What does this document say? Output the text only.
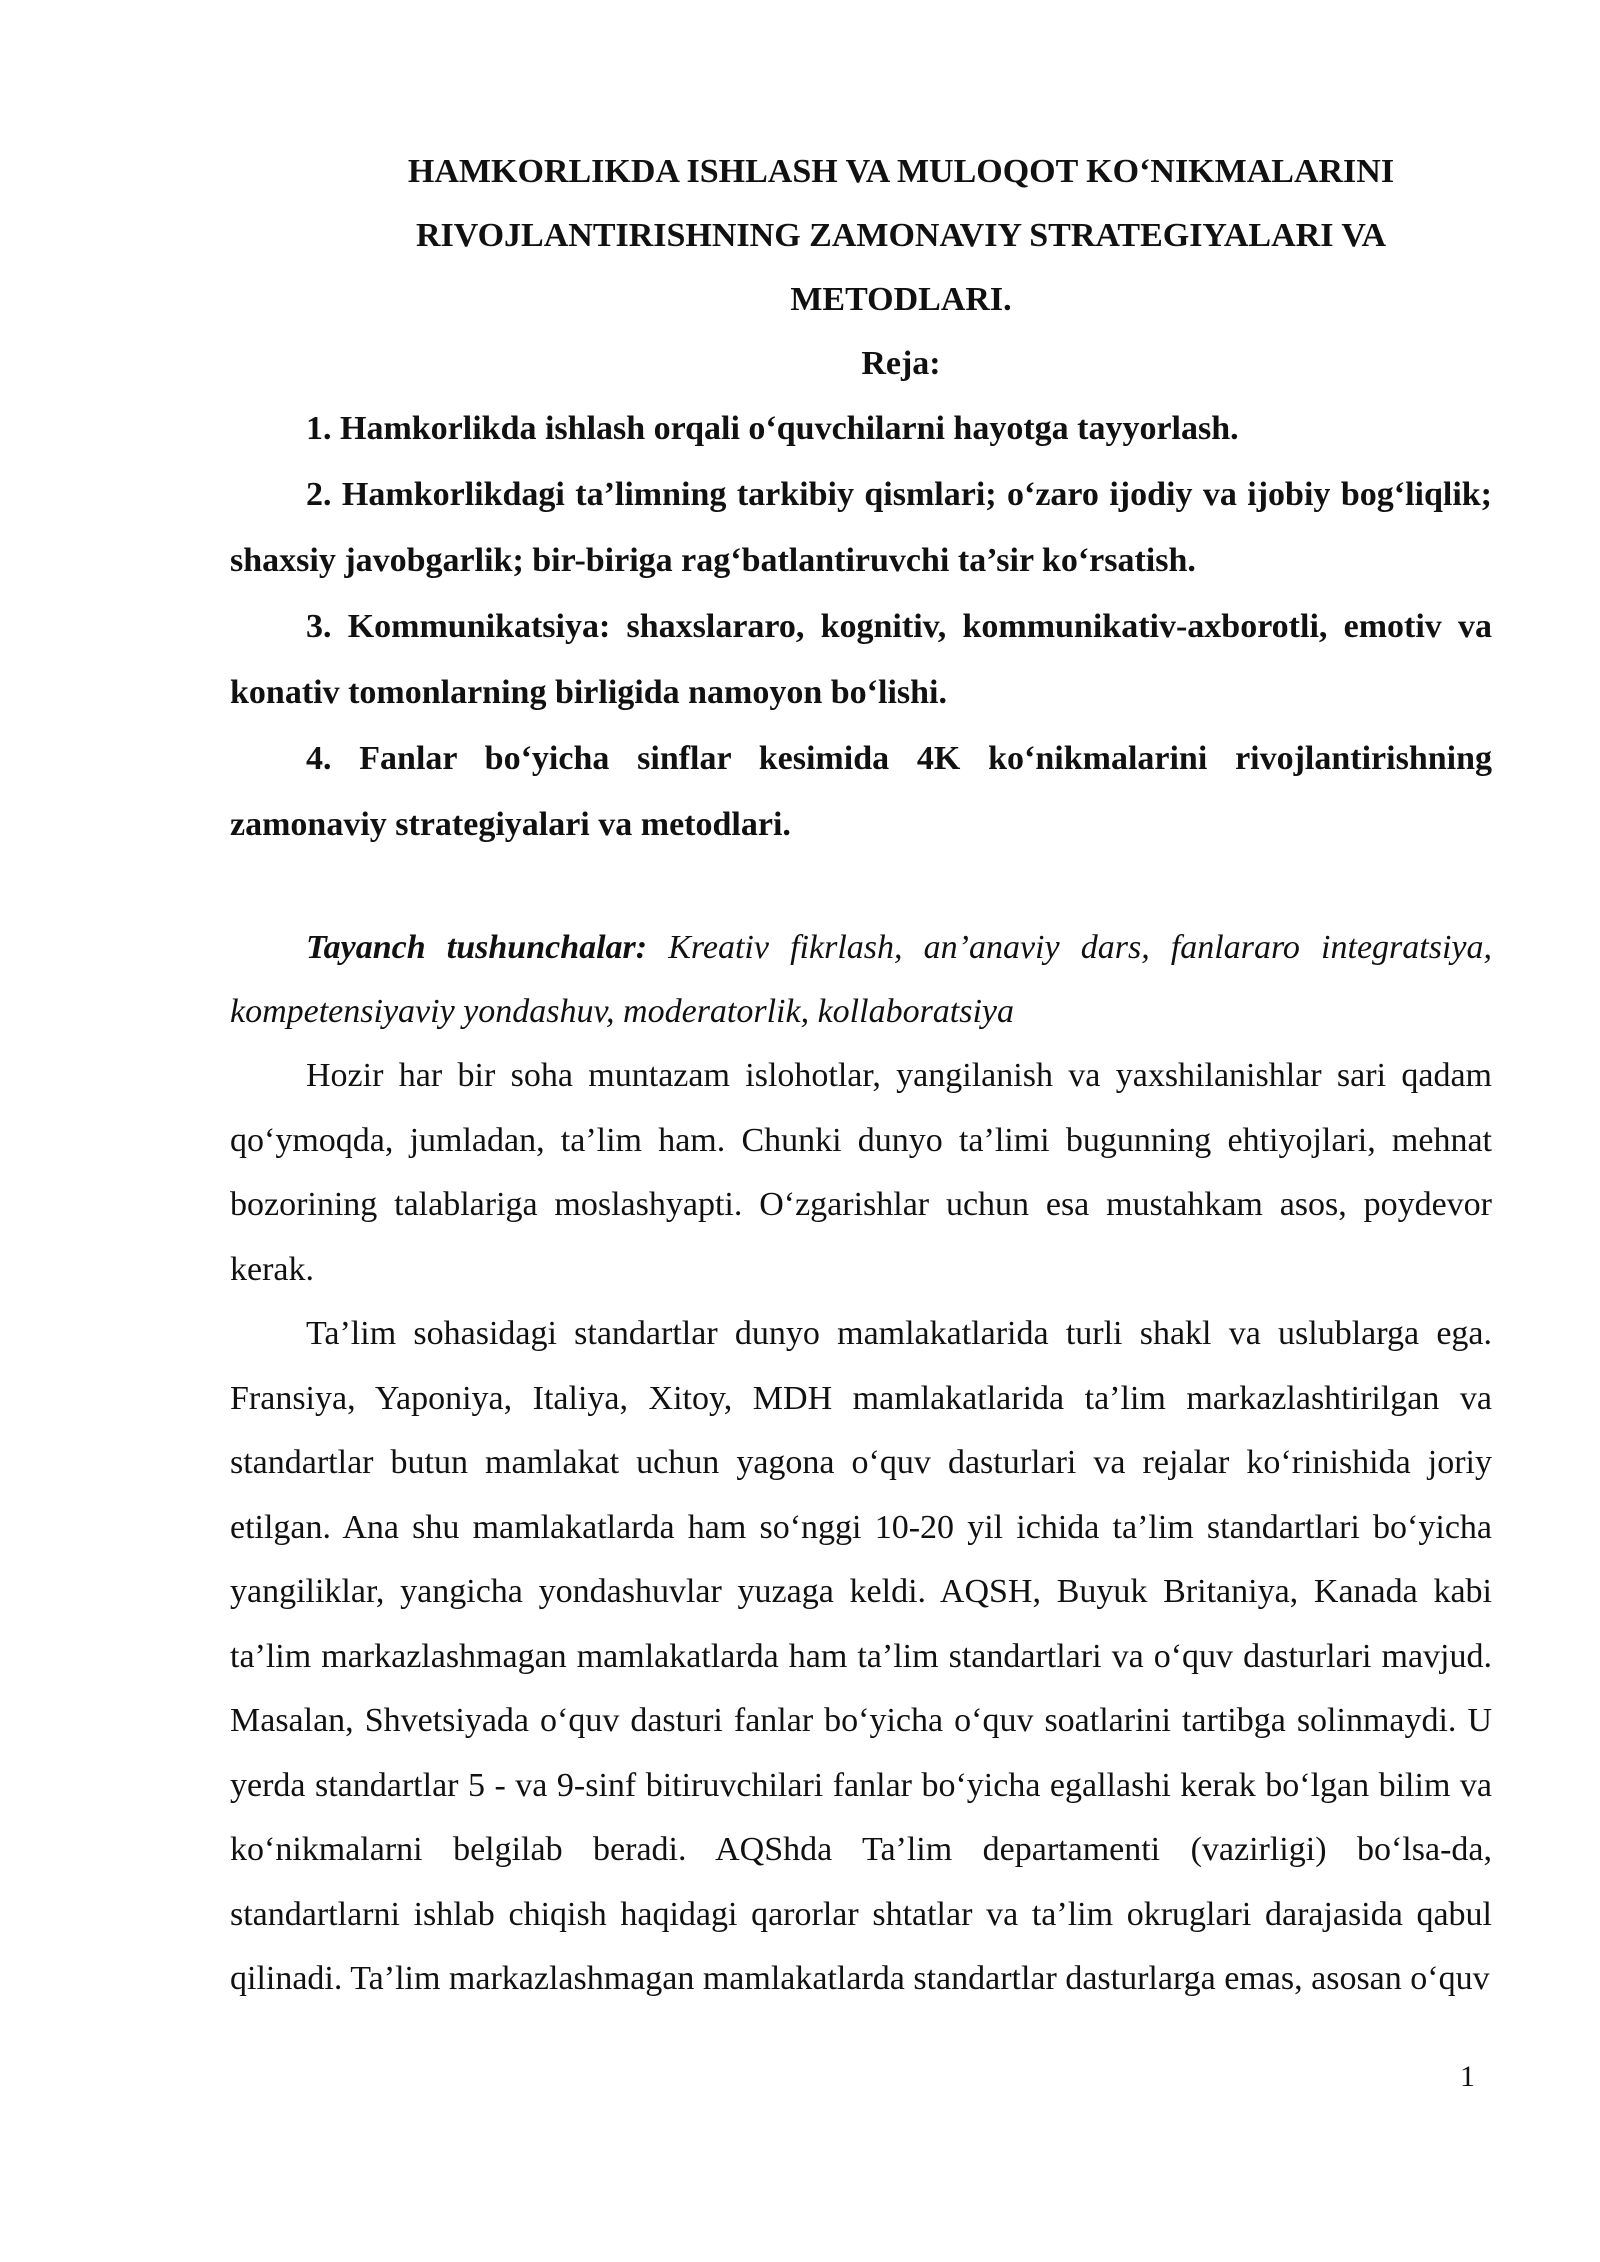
HAMKORLIKDA ISHLASH VA MULOQOT KO‘NIKMALARINI RIVOJLANTIRISHNING ZAMONAVIY STRATEGIYALARI VA METODLARI.

Reja:

1. Hamkorlikda ishlash orqali o‘quvchilarni hayotga tayyorlash.

2. Hamkorlikdagi ta’limning tarkibiy qismlari; o‘zaro ijodiy va ijobiy bog‘liqlik; shaxsiy javobgarlik; bir-biriga rag‘batlantiruvchi ta’sir ko‘rsatish.

3. Kommunikatsiya: shaxslararo, kognitiv, kommunikativ-axborotli, emotiv va konativ tomonlarning birligida namoyon bo‘lishi.

4. Fanlar bo‘yicha sinflar kesimida 4K ko‘nikmalarini rivojlantirishning zamonaviy strategiyalari va metodlari.

Tayanch tushunchalar: Kreativ fikrlash, an’anaviy dars, fanlararo integratsiya, kompetensiyaviy yondashuv, moderatorlik, kollaboratsiya

Hozir har bir soha muntazam islohotlar, yangilanish va yaxshilanishlar sari qadam qo‘ymoqda, jumladan, ta’lim ham. Chunki dunyo ta’limi bugunning ehtiyojlari, mehnat bozorining talablariga moslashyapti. O‘zgarishlar uchun esa mustahkam asos, poydevor kerak.

Ta’lim sohasidagi standartlar dunyo mamlakatlarida turli shakl va uslublarga ega. Fransiya, Yaponiya, Italiya, Xitoy, MDH mamlakatlarida ta’lim markazlashtirilgan va standartlar butun mamlakat uchun yagona o‘quv dasturlari va rejalar ko‘rinishida joriy etilgan. Ana shu mamlakatlarda ham so‘nggi 10-20 yil ichida ta’lim standartlari bo‘yicha yangiliklar, yangicha yondashuvlar yuzaga keldi. AQSH, Buyuk Britaniya, Kanada kabi ta’lim markazlashmagan mamlakatlarda ham ta’lim standartlari va o‘quv dasturlari mavjud. Masalan, Shvetsiyada o‘quv dasturi fanlar bo‘yicha o‘quv soatlarini tartibga solinmaydi. U yerda standartlar 5 - va 9-sinf bitiruvchilari fanlar bo‘yicha egallashi kerak bo‘lgan bilim va ko‘nikmalarni belgilab beradi. AQShda Ta’lim departamenti (vazirligi) bo‘lsa-da, standartlarni ishlab chiqish haqidagi qarorlar shtatlar va ta’lim okruglari darajasida qabul qilinadi. Ta’lim markazlashmagan mamlakatlarda standartlar dasturlarga emas, asosan o‘quv

1
